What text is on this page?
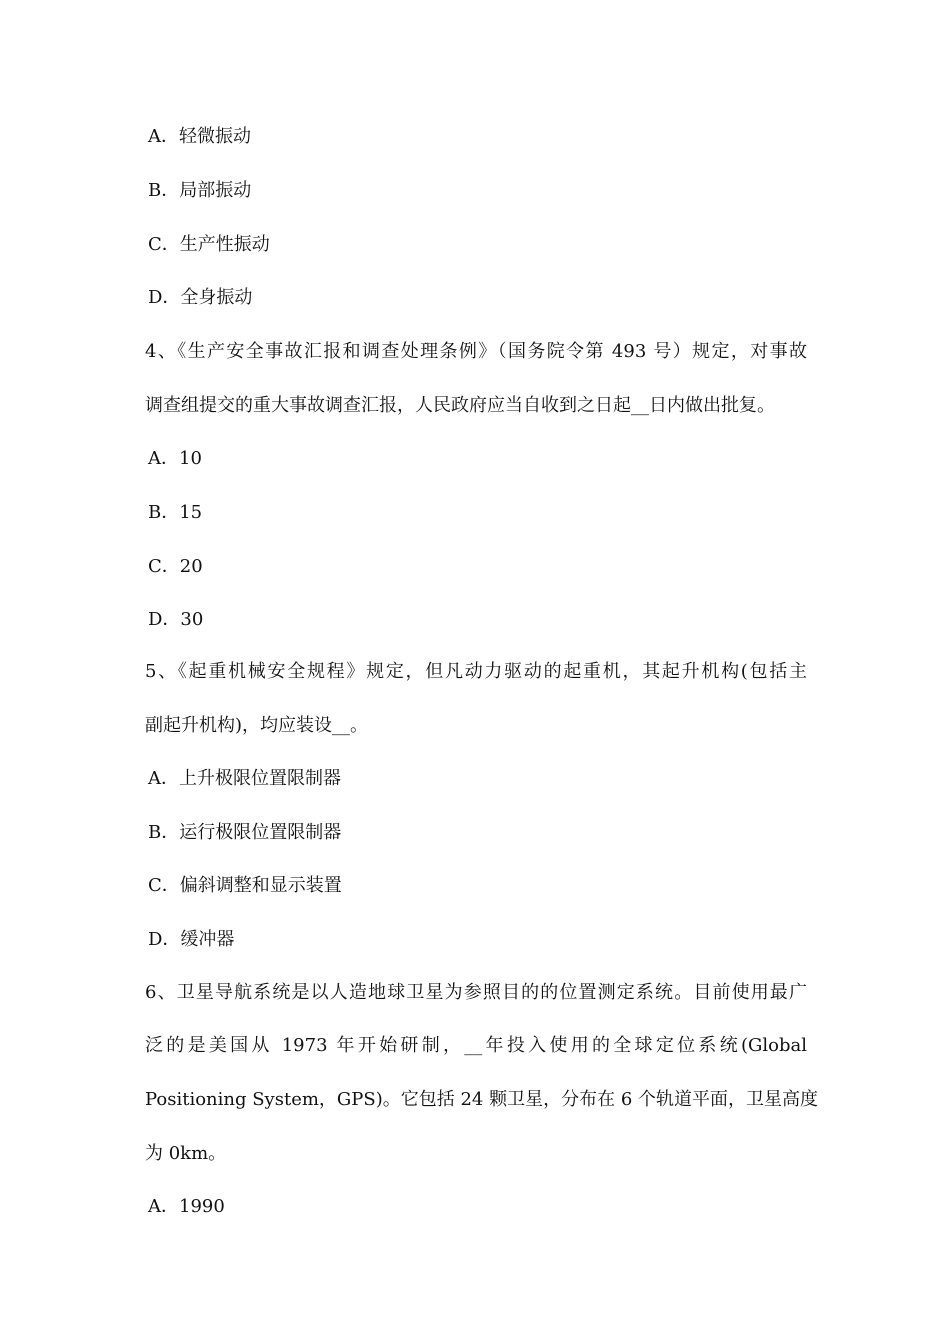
A．轻微振动
B．局部振动
C．生产性振动
D．全身振动
4、《生产安全事故汇报和调查处理条例》（国务院令第 493 号）规定，对事故
调查组提交的重大事故调查汇报，人民政府应当自收到之日起__日内做出批复。
A．10
B．15
C．20
D．30
5、《起重机械安全规程》规定，但凡动力驱动的起重机，其起升机构(包括主
副起升机构)，均应装设__。
A．上升极限位置限制器
B．运行极限位置限制器
C．偏斜调整和显示装置
D．缓冲器
6、卫星导航系统是以人造地球卫星为参照目的的位置测定系统。目前使用最广
泛的是美国从 1973 年开始研制，__年投入使用的全球定位系统(Global
Positioning System，GPS)。它包括 24 颗卫星，分布在 6 个轨道平面，卫星高度
为 0km。
A．1990
